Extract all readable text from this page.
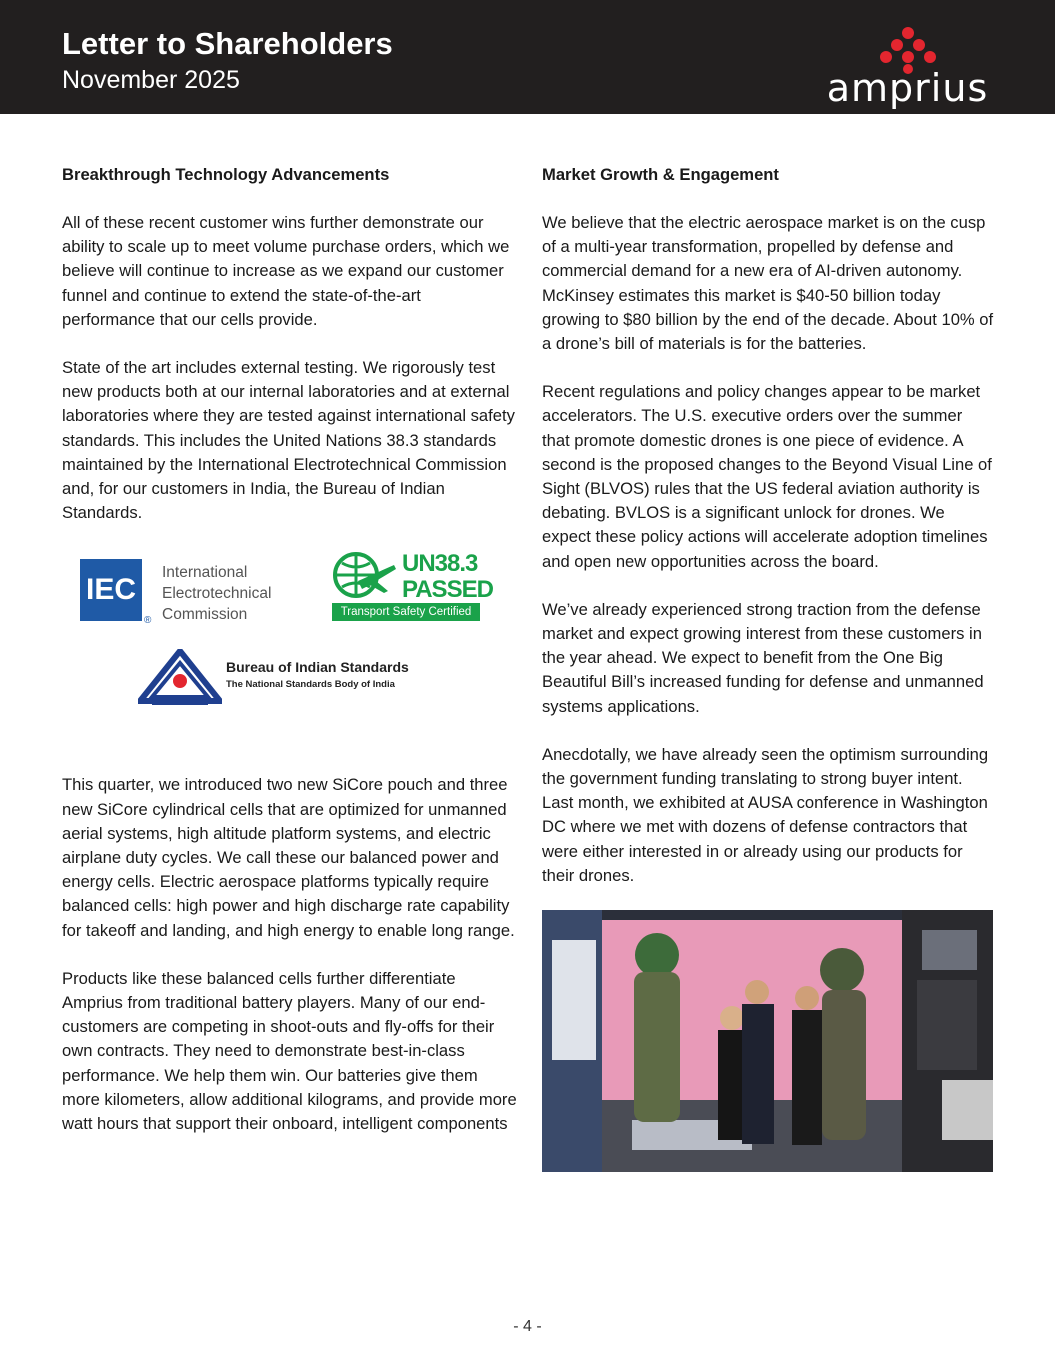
Letter to Shareholders
November 2025	amprius
Breakthrough Technology Advancements

All of these recent customer wins further demonstrate our ability to scale up to meet volume purchase orders, which we believe will continue to increase as we expand our customer funnel and continue to extend the state-of-the-art performance that our cells provide.

State of the art includes external testing. We rigorously test new products both at our internal laboratories and at external laboratories where they are tested against international safety standards. This includes the United Nations 38.3 standards maintained by the International Electrotechnical Commission and, for our customers in India, the Bureau of Indian Standards.

IEC
®
International
Electrotechnical
Commission
UN38.3
PASSED
Transport Safety Certified
Bureau of Indian Standards
The National Standards Body of India

This quarter, we introduced two new SiCore pouch and three new SiCore cylindrical cells that are optimized for unmanned aerial systems, high altitude platform systems, and electric airplane duty cycles. We call these our balanced power and energy cells. Electric aerospace platforms typically require balanced cells: high power and high discharge rate capability for takeoff and landing, and high energy to enable long range.

Products like these balanced cells further differentiate Amprius from traditional battery players. Many of our end-customers are competing in shoot-outs and fly-offs for their own contracts. They need to demonstrate best-in-class performance. We help them win. Our batteries give them more kilometers, allow additional kilograms, and provide more watt hours that support their onboard, intelligent components

Market Growth & Engagement

We believe that the electric aerospace market is on the cusp of a multi-year transformation, propelled by defense and commercial demand for a new era of AI-driven autonomy. McKinsey estimates this market is $40-50 billion today growing to $80 billion by the end of the decade. About 10% of a drone’s bill of materials is for the batteries.

Recent regulations and policy changes appear to be market accelerators. The U.S. executive orders over the summer that promote domestic drones is one piece of evidence. A second is the proposed changes to the Beyond Visual Line of Sight (BLVOS) rules that the US federal aviation authority is debating. BVLOS is a significant unlock for drones. We expect these policy actions will accelerate adoption timelines and open new opportunities across the board.

We’ve already experienced strong traction from the defense market and expect growing interest from these customers in the year ahead. We expect to benefit from the One Big Beautiful Bill’s increased funding for defense and unmanned systems applications.

Anecdotally, we have already seen the optimism surrounding the government funding translating to strong buyer intent. Last month, we exhibited at AUSA conference in Washington DC where we met with dozens of defense contractors that were either interested in or already using our products for their drones.

- 4 -
